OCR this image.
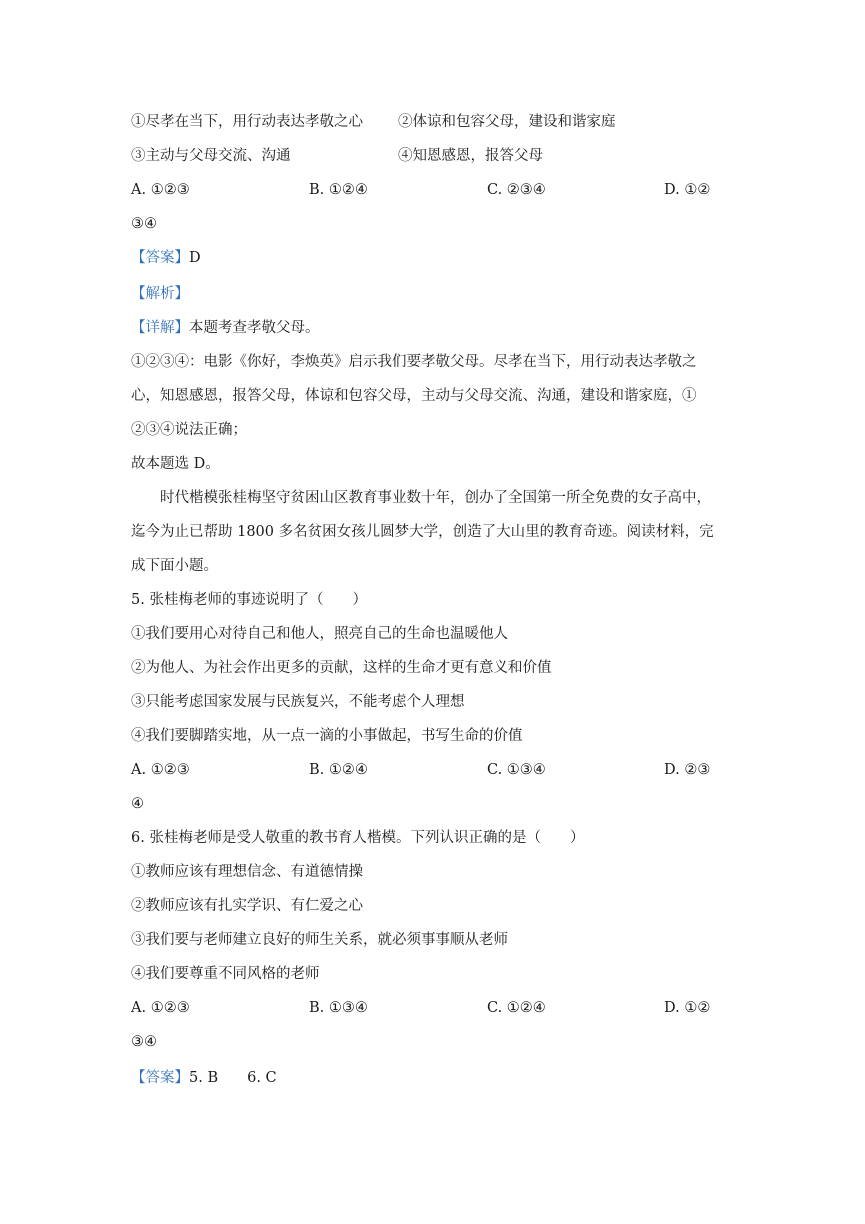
①尽孝在当下，用行动表达孝敬之心 ②体谅和包容父母，建设和谐家庭
③主动与父母交流、沟通	④知恩感恩，报答父母
A. ①②③	B. ①②④	C. ②③④	D. ①②
③④
【答案】D
【解析】
【详解】本题考查孝敬父母。
①②③④：电影《你好，李焕英》启示我们要孝敬父母。尽孝在当下，用行动表达孝敬之
心，知恩感恩，报答父母，体谅和包容父母，主动与父母交流、沟通，建设和谐家庭，①
②③④说法正确；
故本题选 D。
时代楷模张桂梅坚守贫困山区教育事业数十年，创办了全国第一所全免费的女子高中，
迄今为止已帮助 1800 多名贫困女孩儿圆梦大学，创造了大山里的教育奇迹。阅读材料，完
成下面小题。
5. 张桂梅老师的事迹说明了（　　）
①我们要用心对待自己和他人，照亮自己的生命也温暖他人
②为他人、为社会作出更多的贡献，这样的生命才更有意义和价值
③只能考虑国家发展与民族复兴，不能考虑个人理想
④我们要脚踏实地，从一点一滴的小事做起，书写生命的价值
A. ①②③	B. ①②④	C. ①③④	D. ②③
④
6. 张桂梅老师是受人敬重的教书育人楷模。下列认识正确的是（　　）
①教师应该有理想信念、有道德情操
②教师应该有扎实学识、有仁爱之心
③我们要与老师建立良好的师生关系，就必须事事顺从老师
④我们要尊重不同风格的老师
A. ①②③	B. ①③④	C. ①②④	D. ①②
③④
【答案】5. B　　6. C
